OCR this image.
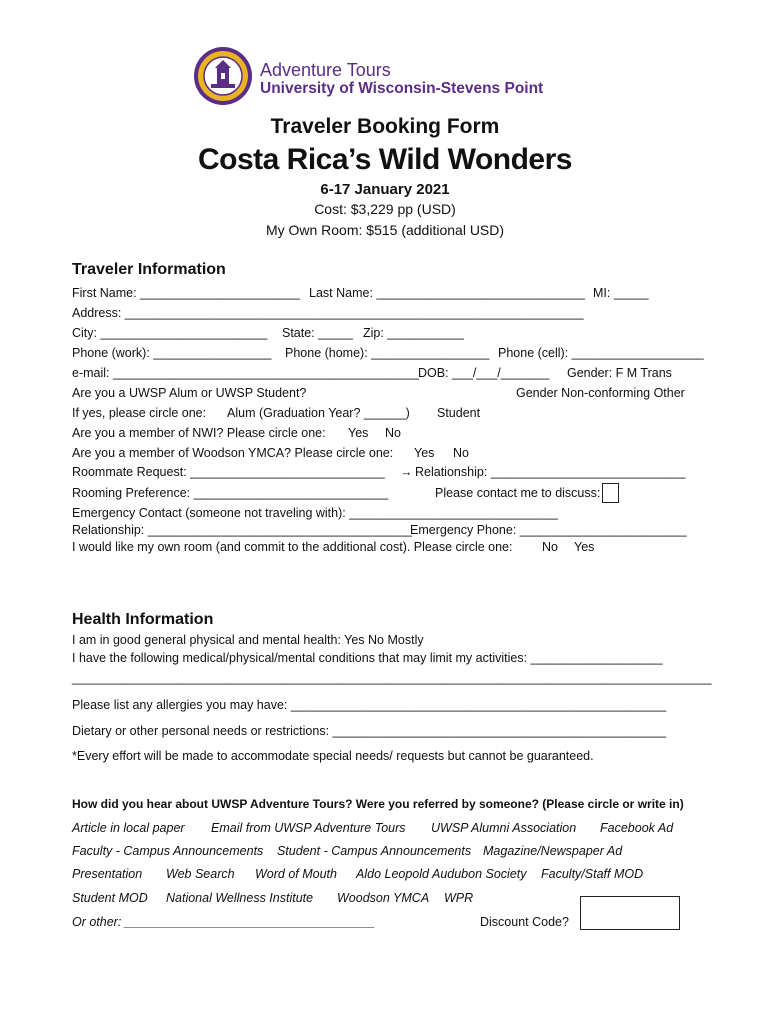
Adventure Tours
University of Wisconsin-Stevens Point
Traveler Booking Form
Costa Rica’s Wild Wonders
6-17 January 2021
Cost: $3,229 pp (USD)
My Own Room: $515 (additional USD)
Traveler Information
First Name: _______________________ Last Name: ______________________________ MI: _____
Address: __________________________________________________________________
City: ________________________ State: _____ Zip: ___________
Phone (work): _________________ Phone (home): _________________ Phone (cell): ___________________
e-mail: ____________________________________________ DOB: ___/___/_______ Gender: F M Trans
Are you a UWSP Alum or UWSP Student?	Gender Non-conforming Other
If yes, please circle one: Alum (Graduation Year? ______) Student
Are you a member of NWI? Please circle one: Yes No
Are you a member of Woodson YMCA? Please circle one: Yes No
Roommate Request: ____________________________ → Relationship: ____________________________
Rooming Preference: ____________________________	Please contact me to discuss:
Emergency Contact (someone not traveling with): ______________________________
Relationship: ______________________________________
Emergency Phone: ________________________
I would like my own room (and commit to the additional cost). Please circle one: No Yes
Health Information
I am in good general physical and mental health: Yes No Mostly
I have the following medical/physical/mental conditions that may limit my activities: ___________________
____________________________________________________________________________________________
Please list any allergies you may have: ______________________________________________________
Dietary or other personal needs or restrictions: ________________________________________________
*Every effort will be made to accommodate special needs/ requests but cannot be guaranteed.
How did you hear about UWSP Adventure Tours? Were you referred by someone? (Please circle or write in)
Article in local paper Email from UWSP Adventure Tours UWSP Alumni Association Facebook Ad
Faculty - Campus Announcements Student - Campus Announcements Magazine/Newspaper Ad
Presentation Web Search Word of Mouth Aldo Leopold Audubon Society Faculty/Staff MOD
Student MOD National Wellness Institute Woodson YMCA WPR
Or other: ____________________________________	Discount Code?
